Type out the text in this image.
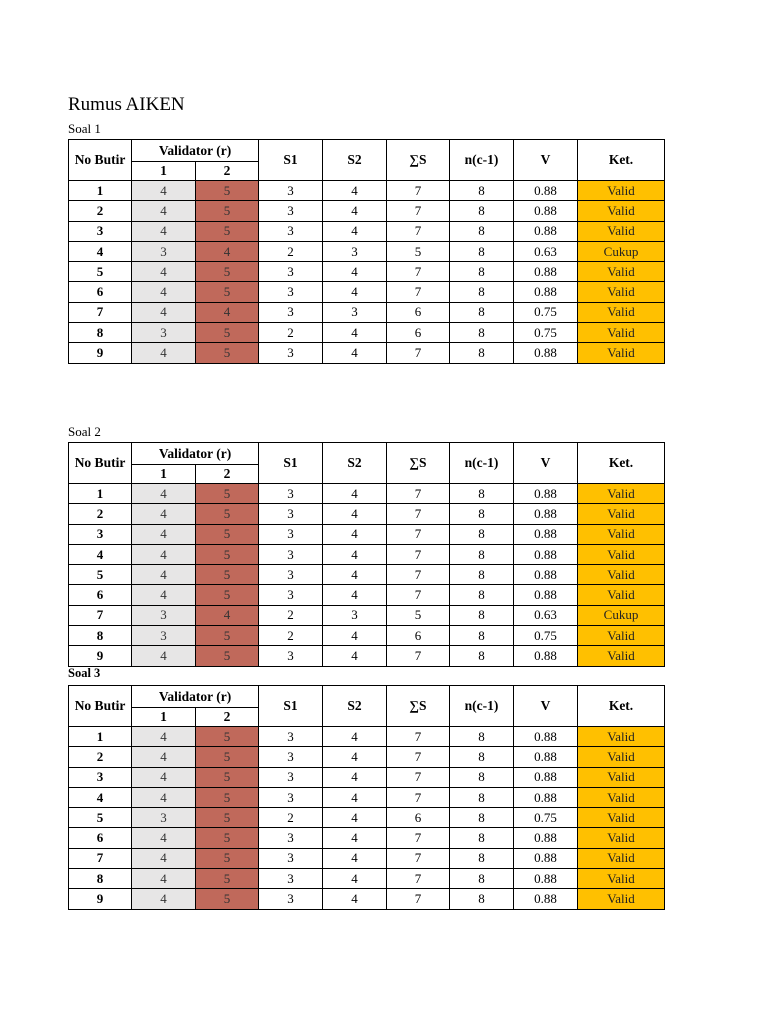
Rumus AIKEN
Soal 1
No Butir	Validator (r)		S1	S2	∑S	n(c-1)	V	Ket.
	1	2						
1	4	5	3	4	7	8	0.88	Valid
2	4	5	3	4	7	8	0.88	Valid
3	4	5	3	4	7	8	0.88	Valid
4	3	4	2	3	5	8	0.63	Cukup
5	4	5	3	4	7	8	0.88	Valid
6	4	5	3	4	7	8	0.88	Valid
7	4	4	3	3	6	8	0.75	Valid
8	3	5	2	4	6	8	0.75	Valid
9	4	5	3	4	7	8	0.88	Valid
Soal 2
No Butir	Validator (r)		S1	S2	∑S	n(c-1)	V	Ket.
	1	2						
1	4	5	3	4	7	8	0.88	Valid
2	4	5	3	4	7	8	0.88	Valid
3	4	5	3	4	7	8	0.88	Valid
4	4	5	3	4	7	8	0.88	Valid
5	4	5	3	4	7	8	0.88	Valid
6	4	5	3	4	7	8	0.88	Valid
7	3	4	2	3	5	8	0.63	Cukup
8	3	5	2	4	6	8	0.75	Valid
9	4	5	3	4	7	8	0.88	Valid
Soal 3
No Butir	Validator (r)		S1	S2	∑S	n(c-1)	V	Ket.
	1	2						
1	4	5	3	4	7	8	0.88	Valid
2	4	5	3	4	7	8	0.88	Valid
3	4	5	3	4	7	8	0.88	Valid
4	4	5	3	4	7	8	0.88	Valid
5	3	5	2	4	6	8	0.75	Valid
6	4	5	3	4	7	8	0.88	Valid
7	4	5	3	4	7	8	0.88	Valid
8	4	5	3	4	7	8	0.88	Valid
9	4	5	3	4	7	8	0.88	Valid
